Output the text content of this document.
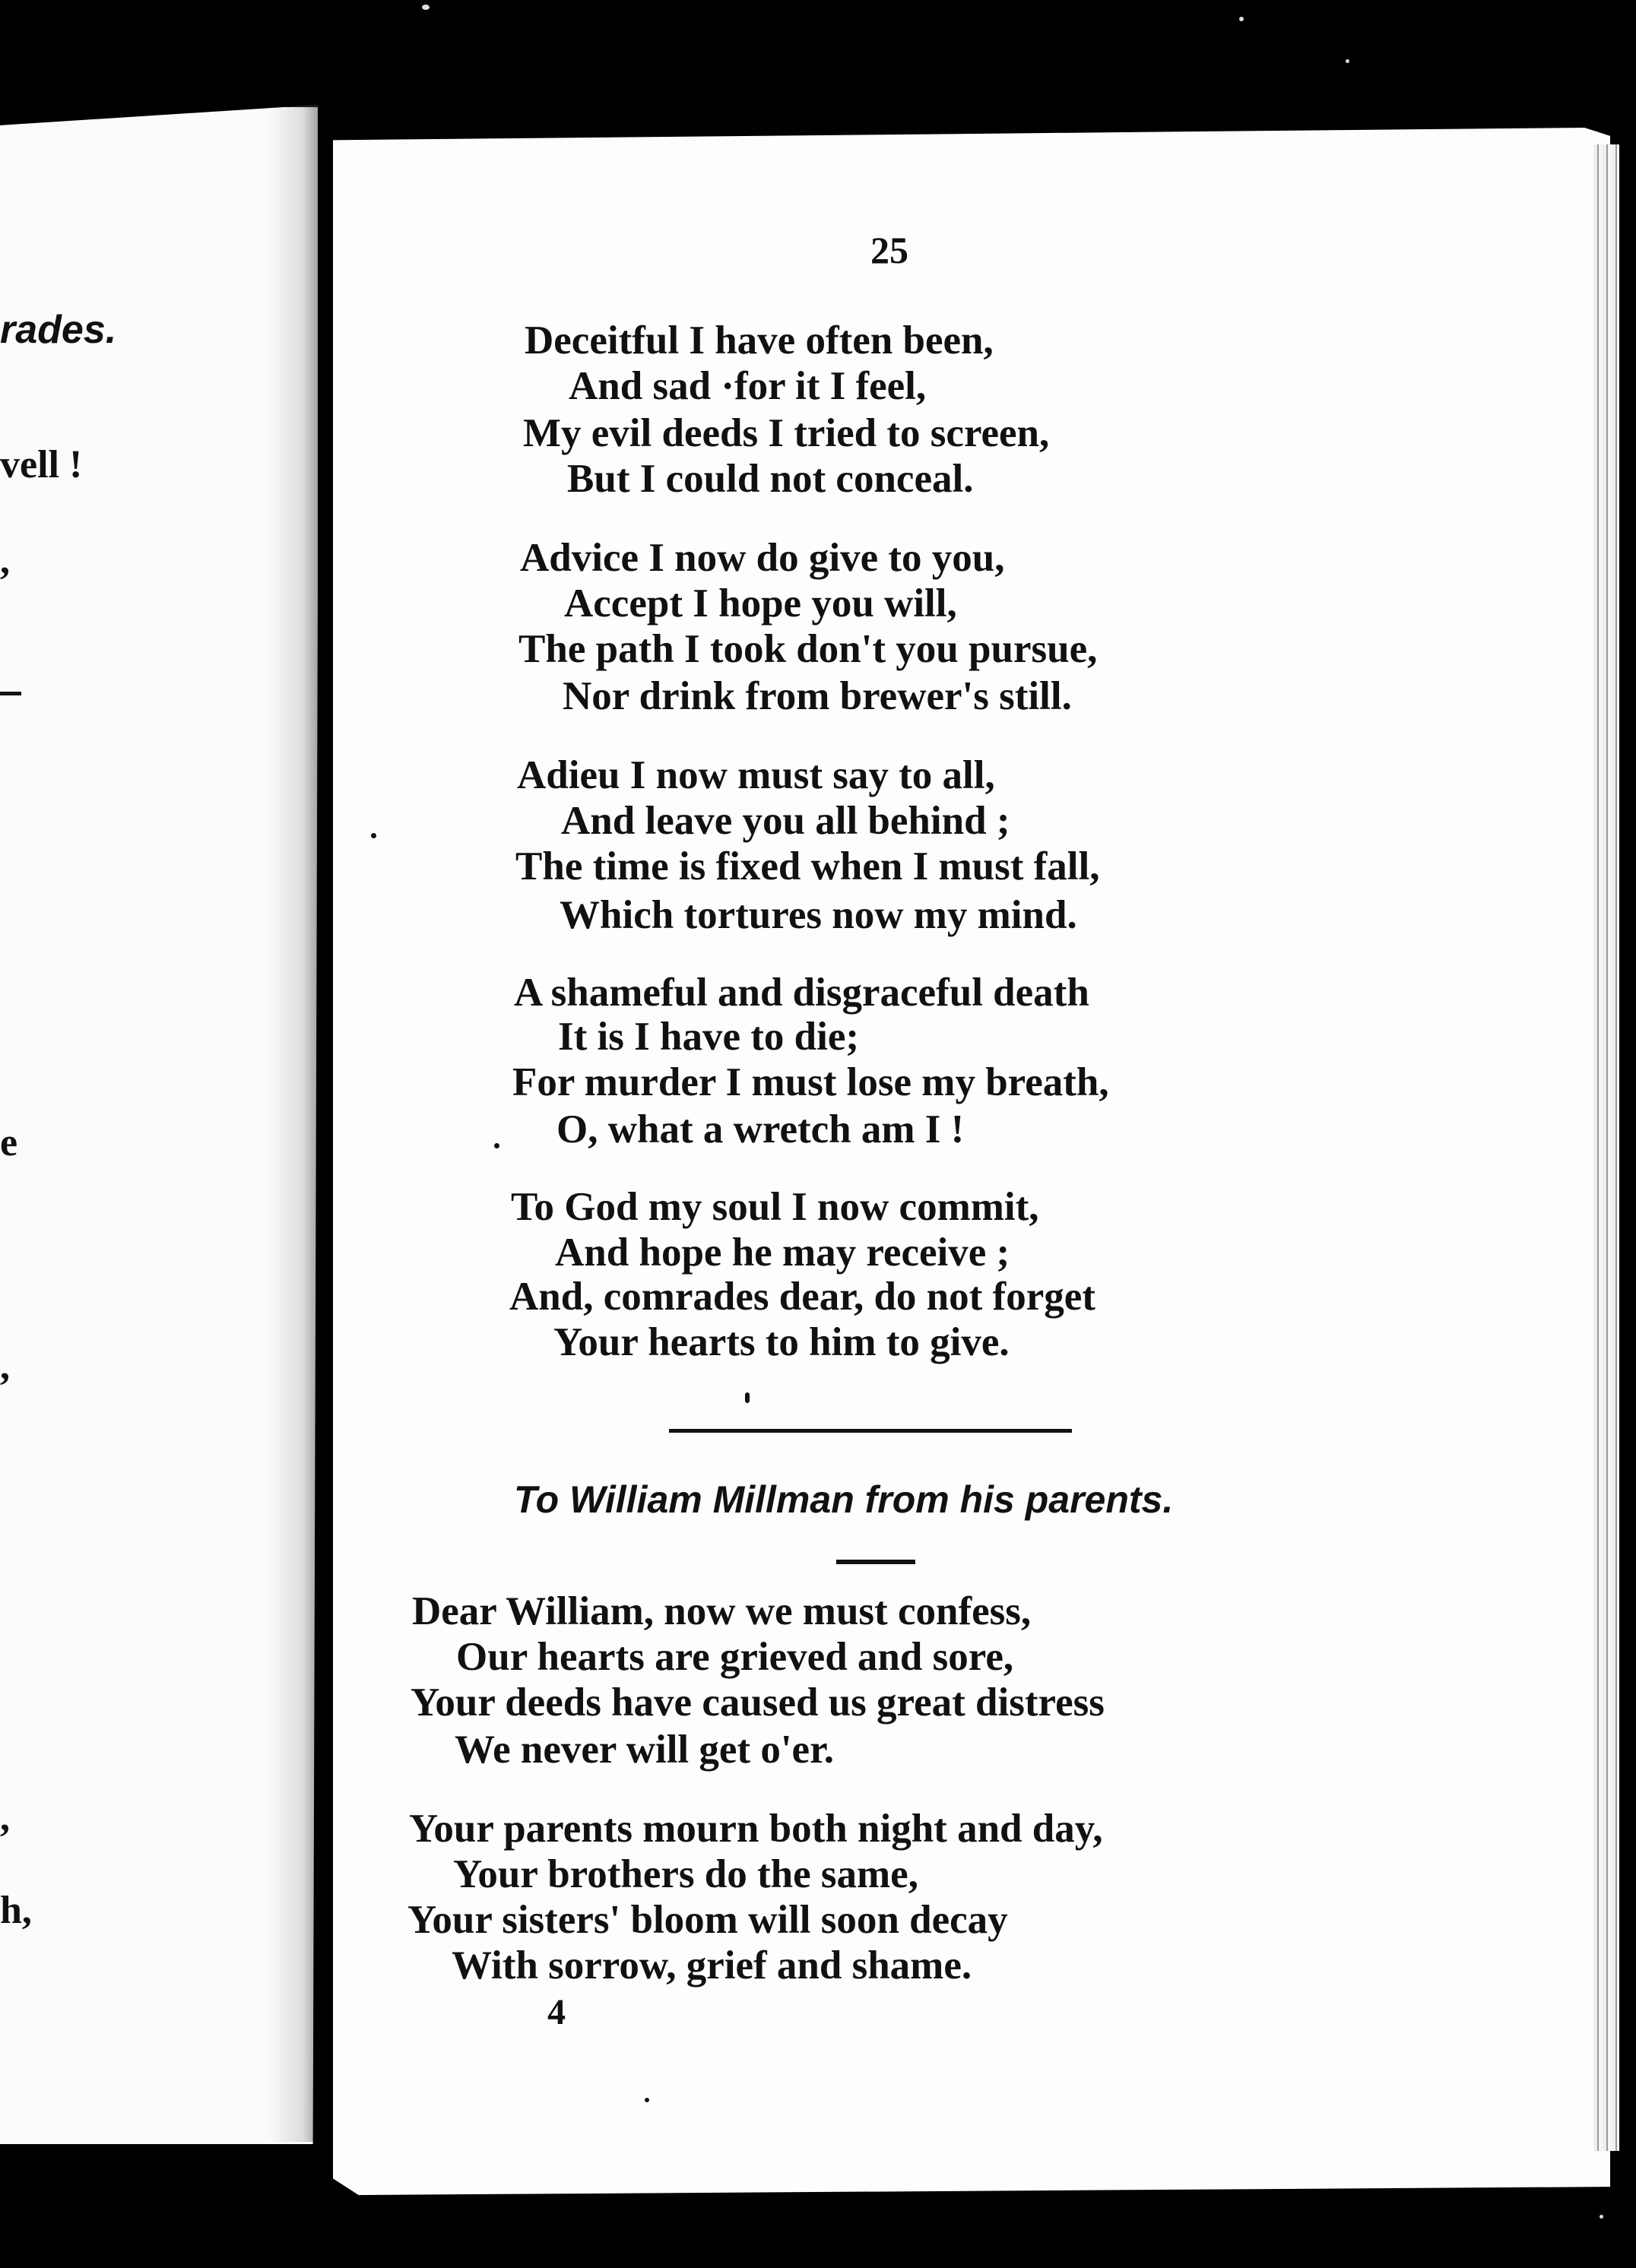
rades.
vell !
,
e
,
,
h,
25
Deceitful I have often been,
And sad ·for it I feel,
My evil deeds I tried to screen,
But I could not conceal.
Advice I now do give to you,
Accept I hope you will,
The path I took don't you pursue,
Nor drink from brewer's still.
Adieu I now must say to all,
And leave you all behind ;
The time is fixed when I must fall,
Which tortures now my mind.
A shameful and disgraceful death
It is I have to die;
For murder I must lose my breath,
O, what a wretch am I !
To God my soul I now commit,
And hope he may receive ;
And, comrades dear, do not forget
Your hearts to him to give.
To William Millman from his parents.
Dear William, now we must confess,
Our hearts are grieved and sore,
Your deeds have caused us great distress
We never will get o'er.
Your parents mourn both night and day,
Your brothers do the same,
Your sisters' bloom will soon decay
With sorrow, grief and shame.
4
